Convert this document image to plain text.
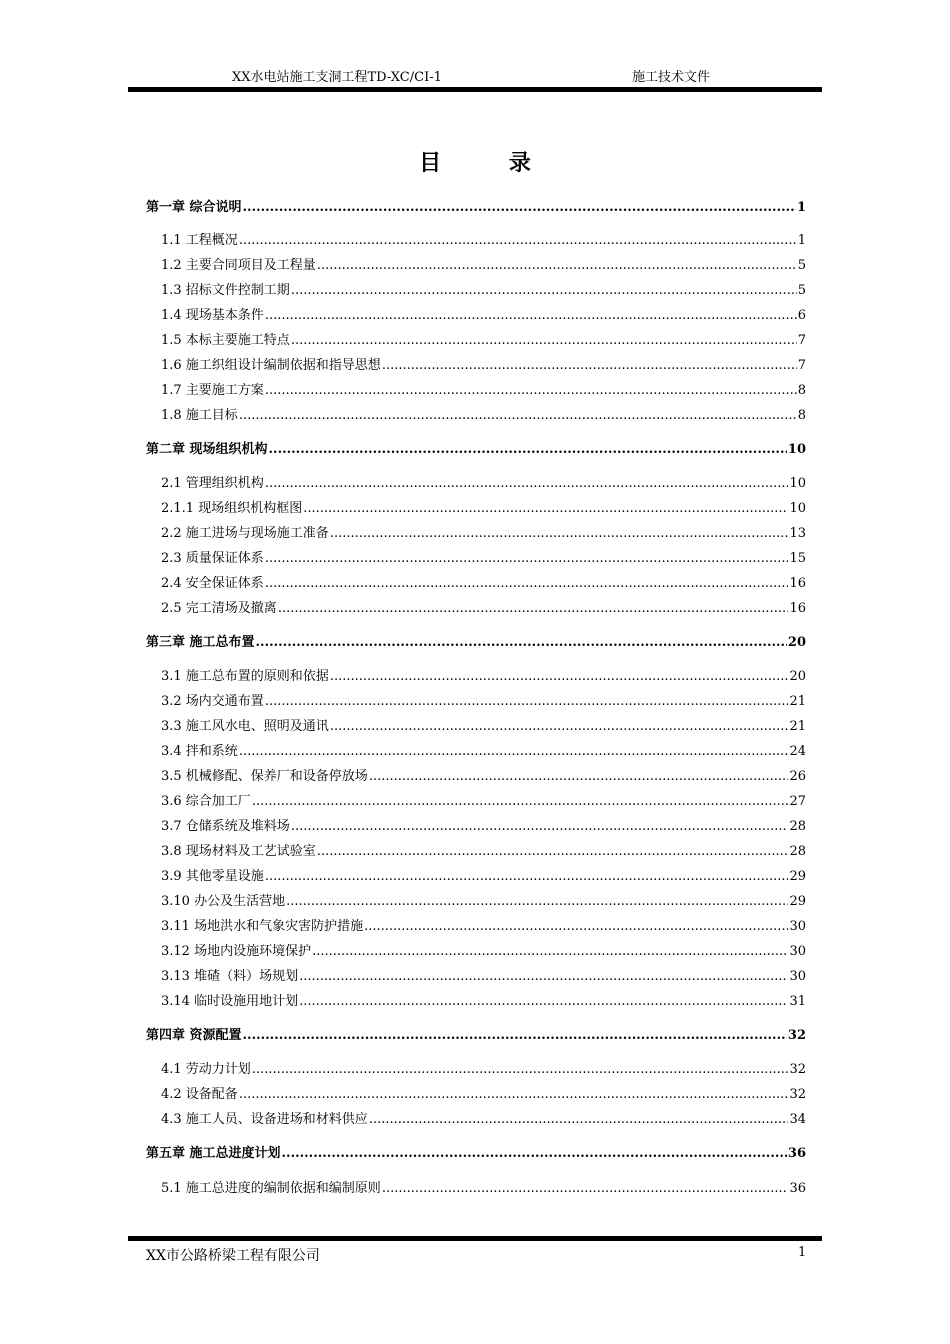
XX水电站施工支洞工程TD-XC/CI-1	施工技术文件
目 录
第一章 综合说明 .....	1
1.1 工程概况 .....	1
1.2 主要合同项目及工程量 .....	5
1.3 招标文件控制工期 .....	5
1.4 现场基本条件 .....	6
1.5 本标主要施工特点 .....	7
1.6 施工织组设计编制依据和指导思想 .....	7
1.7 主要施工方案 .....	8
1.8 施工目标 .....	8
第二章 现场组织机构 .....	10
2.1 管理组织机构 .....	10
2.1.1 现场组织机构框图 .....	10
2.2 施工进场与现场施工准备 .....	13
2.3 质量保证体系 .....	15
2.4 安全保证体系 .....	16
2.5 完工清场及撤离 .....	16
第三章 施工总布置 .....	20
3.1 施工总布置的原则和依据 .....	20
3.2 场内交通布置 .....	21
3.3 施工风水电、照明及通讯 .....	21
3.4 拌和系统 .....	24
3.5 机械修配、保养厂和设备停放场 .....	26
3.6 综合加工厂 .....	27
3.7 仓储系统及堆料场 .....	28
3.8 现场材料及工艺试验室 .....	28
3.9 其他零星设施 .....	29
3.10 办公及生活营地 .....	29
3.11 场地洪水和气象灾害防护措施 .....	30
3.12 场地内设施环境保护 .....	30
3.13 堆碴（料）场规划 .....	30
3.14 临时设施用地计划 .....	31
第四章 资源配置 .....	32
4.1 劳动力计划 .....	32
4.2 设备配备 .....	32
4.3 施工人员、设备进场和材料供应 .....	34
第五章 施工总进度计划 .....	36
5.1 施工总进度的编制依据和编制原则 .....	36
XX市公路桥梁工程有限公司	1
